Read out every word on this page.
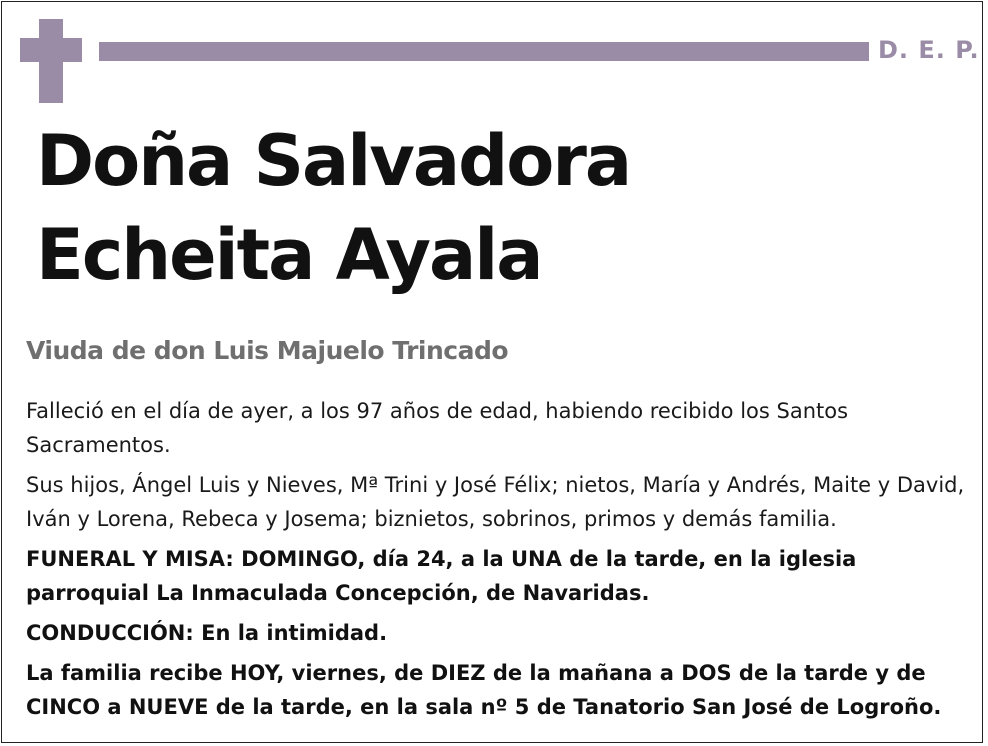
D. E. P.
Doña Salvadora
Echeita Ayala
Viuda de don Luis Majuelo Trincado

Falleció en el día de ayer, a los 97 años de edad, habiendo recibido los Santos Sacramentos.

Sus hijos, Ángel Luis y Nieves, Mª Trini y José Félix; nietos, María y Andrés, Maite y David, Iván y Lorena, Rebeca y Josema; biznietos, sobrinos, primos y demás familia.

FUNERAL Y MISA: DOMINGO, día 24, a la UNA de la tarde, en la iglesia parroquial La Inmaculada Concepción, de Navaridas.

CONDUCCIÓN: En la intimidad.

La familia recibe HOY, viernes, de DIEZ de la mañana a DOS de la tarde y de CINCO a NUEVE de la tarde, en la sala nº 5 de Tanatorio San José de Logroño.
